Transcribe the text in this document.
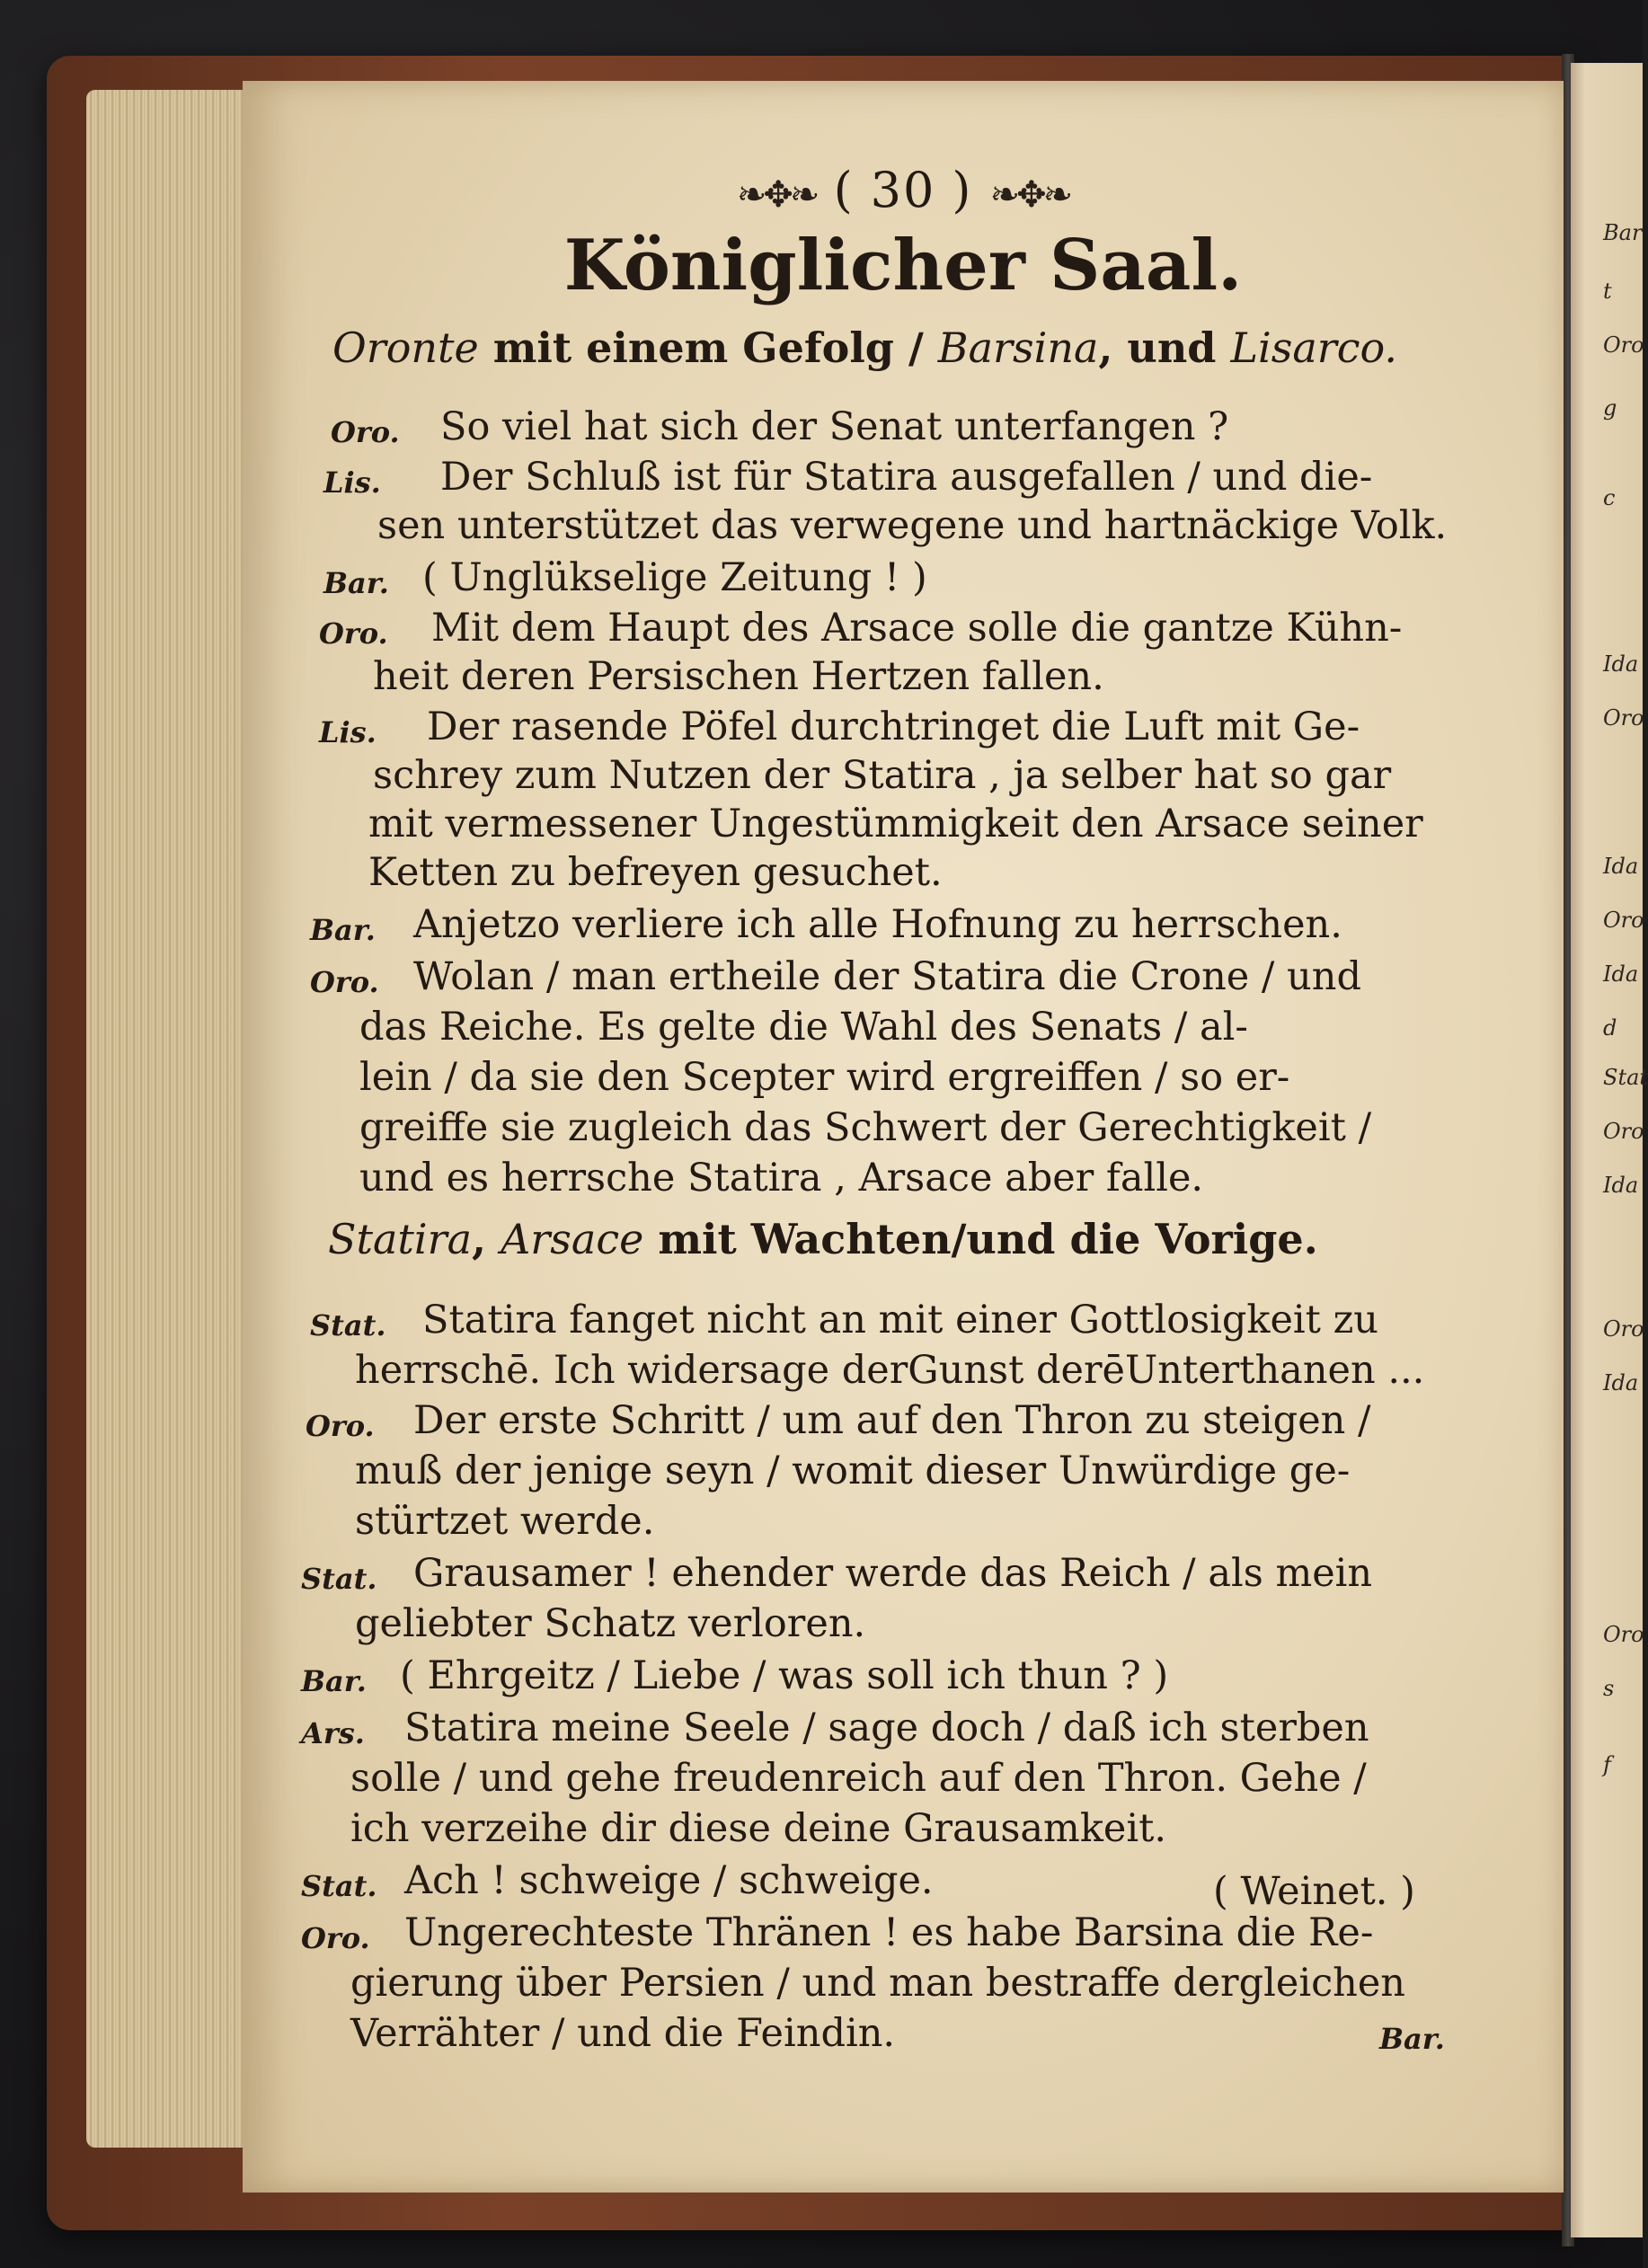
Bar
t
Oro
g
c
Ida
Oro
Ida
Oro
Ida
d
Stat
Oro
Ida
Oro
Ida
Oro
s
f
❧✥❧ ( 30 ) ❧✥❧
Königlicher Saal.
Oronte mit einem Gefolg / Barsina, und Lisarco.
Oro. So viel hat sich der Senat unterfangen ?
Lis. Der Schluß ist für Statira ausgefallen / und die-
sen unterstützet das verwegene und hartnäckige Volk.
Bar. ( Unglükselige Zeitung ! )
Oro. Mit dem Haupt des Arsace solle die gantze Kühn-
heit deren Persischen Hertzen fallen.
Lis. Der rasende Pöfel durchtringet die Luft mit Ge-
schrey zum Nutzen der Statira , ja selber hat so gar
mit vermessener Ungestümmigkeit den Arsace seiner
Ketten zu befreyen gesuchet.
Bar. Anjetzo verliere ich alle Hofnung zu herrschen.
Oro. Wolan / man ertheile der Statira die Crone / und
das Reiche. Es gelte die Wahl des Senats / al-
lein / da sie den Scepter wird ergreiffen / so er-
greiffe sie zugleich das Schwert der Gerechtigkeit /
und es herrsche Statira , Arsace aber falle.
Statira, Arsace mit Wachten/und die Vorige.
Stat. Statira fanget nicht an mit einer Gottlosigkeit zu
herrschē. Ich widersage derGunst derēUnterthanen ...
Oro. Der erste Schritt / um auf den Thron zu steigen /
muß der jenige seyn / womit dieser Unwürdige ge-
stürtzet werde.
Stat. Grausamer ! ehender werde das Reich / als mein
geliebter Schatz verloren.
Bar. ( Ehrgeitz / Liebe / was soll ich thun ? )
Ars. Statira meine Seele / sage doch / daß ich sterben
solle / und gehe freudenreich auf den Thron. Gehe /
ich verzeihe dir diese deine Grausamkeit.
Stat. Ach ! schweige / schweige.	( Weinet. )
Oro. Ungerechteste Thränen ! es habe Barsina die Re-
gierung über Persien / und man bestraffe dergleichen
Verrähter / und die Feindin.	Bar.
